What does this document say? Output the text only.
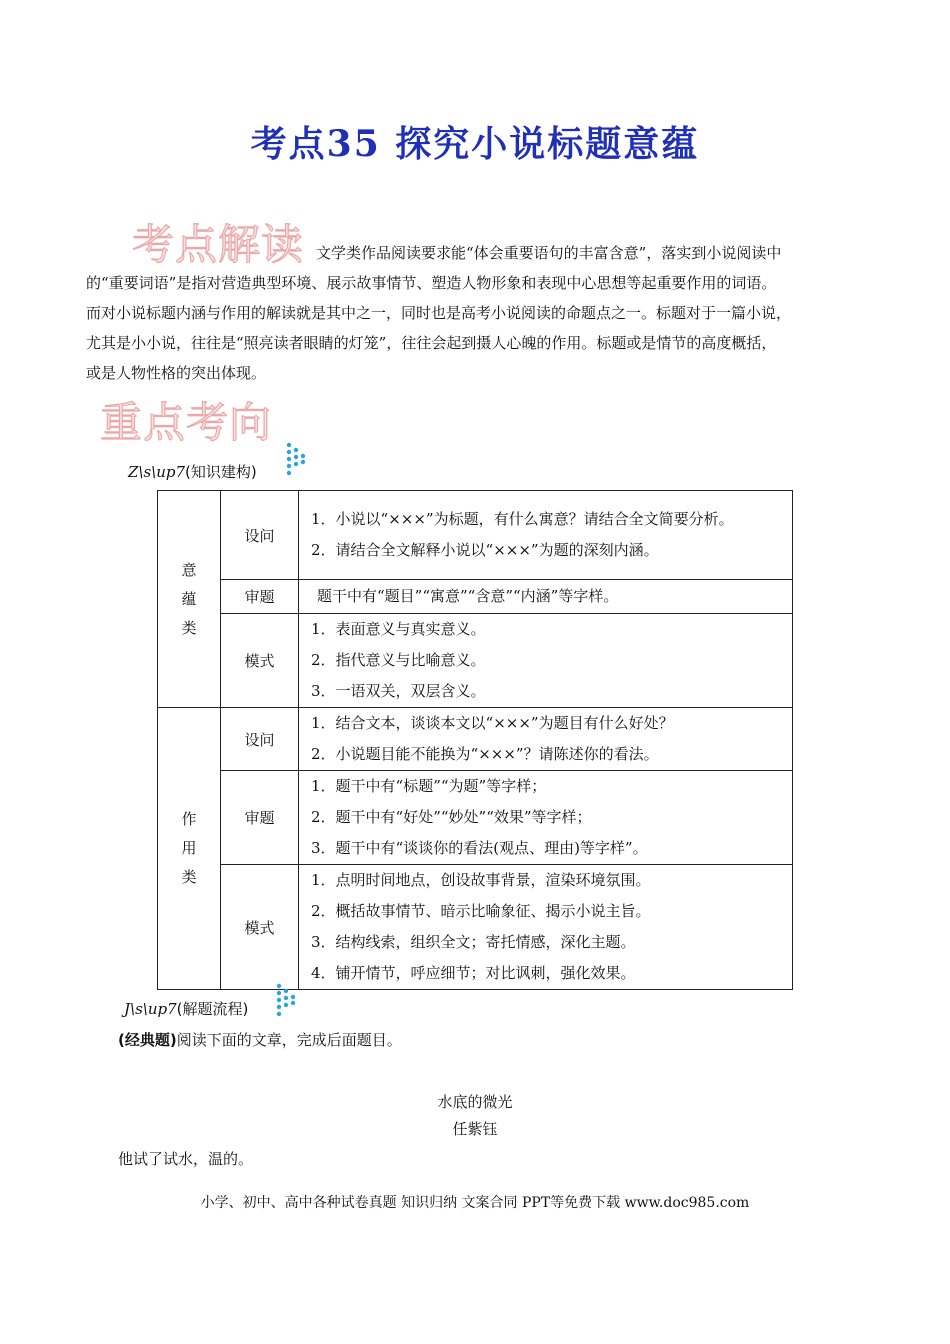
考点35 探究小说标题意蕴
考点解读 文学类作品阅读要求能“体会重要语句的丰富含意”，落实到小说阅读中
的“重要词语”是指对营造典型环境、展示故事情节、塑造人物形象和表现中心思想等起重要作用的词语。
而对小说标题内涵与作用的解读就是其中之一，同时也是高考小说阅读的命题点之一。标题对于一篇小说，
尤其是小小说，往往是“照亮读者眼睛的灯笼”，往往会起到摄人心魄的作用。标题或是情节的高度概括，
或是人物性格的突出体现。
重点考向
Z\s\up7(知识建构)
意蕴类	设问	1．小说以“×××”为标题，有什么寓意？请结合全文简要分析。
2．请结合全文解释小说以“×××”为题的深刻内涵。

	审题	题干中有“题目”“寓意”“含意”“内涵”等字样。

	模式	1．表面意义与真实意义。
2．指代意义与比喻意义。
3．一语双关，双层含义。

作用类	设问	1．结合文本，谈谈本文以“×××”为题目有什么好处？
2．小说题目能不能换为“×××”？请陈述你的看法。

	审题	1．题干中有“标题”“为题”等字样；
2．题干中有“好处”“妙处”“效果”等字样；
3．题干中有“谈谈你的看法(观点、理由)等字样”。

	模式	1．点明时间地点，创设故事背景，渲染环境氛围。
2．概括故事情节、暗示比喻象征、揭示小说主旨。
3．结构线索，组织全文；寄托情感，深化主题。
4．铺开情节，呼应细节；对比讽刺，强化效果。
J\s\up7(解题流程)
(经典题)阅读下面的文章，完成后面题目。
水底的微光
任紫钰
他试了试水，温的。
小学、初中、高中各种试卷真题 知识归纳 文案合同 PPT等免费下载 www.doc985.com
